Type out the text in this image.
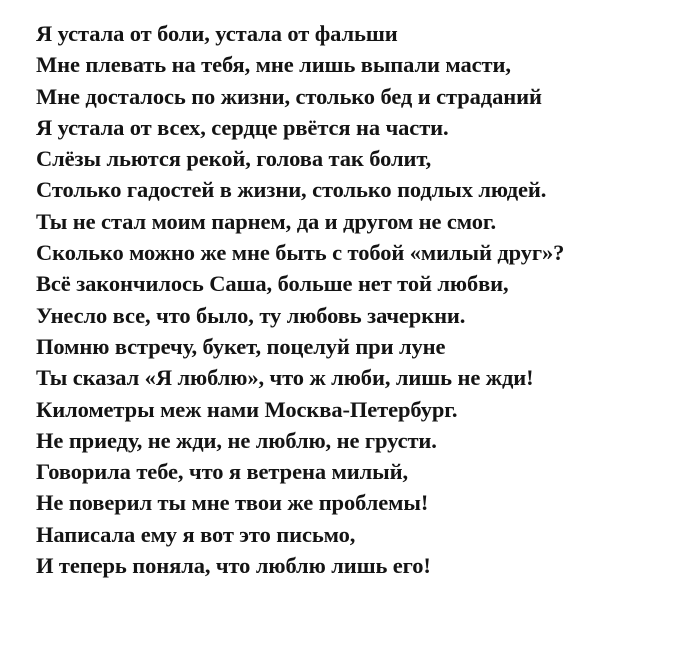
Я устала от боли, устала от фальши
Мне плевать на тебя, мне лишь выпали масти,
Мне досталось по жизни, столько бед и страданий
Я устала от всех, сердце рвётся на части.
Слёзы льются рекой, голова так болит,
Столько гадостей в жизни, столько подлых людей.
Ты не стал моим парнем, да и другом не смог.
Сколько можно же мне быть с тобой «милый друг»?
Всё закончилось Саша, больше нет той любви,
Унесло все, что было, ту любовь зачеркни.
Помню встречу, букет, поцелуй при луне
Ты сказал «Я люблю», что ж люби, лишь не жди!
Километры меж нами Москва-Петербург.
Не приеду, не жди, не люблю, не грусти.
Говорила тебе, что я ветрена милый,
Не поверил ты мне твои же проблемы!
Написала ему я вот это письмо,
И теперь поняла, что люблю лишь его!
